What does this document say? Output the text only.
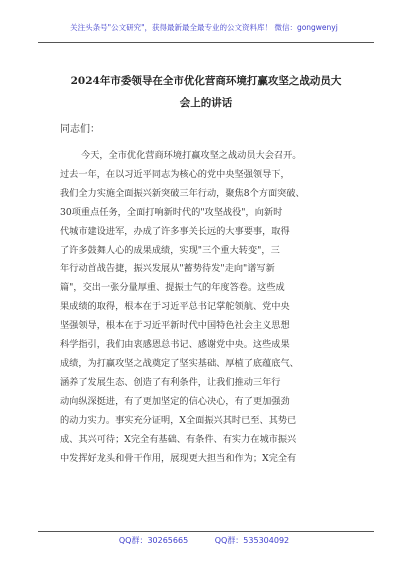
关注头条号"公文研究"，获得最新最全最专业的公文资料库！ 微信：gongwenyj
2024年市委领导在全市优化营商环境打赢攻坚之战动员大
会上的讲话
同志们：
今天，全市优化营商环境打赢攻坚之战动员大会召开。
过去一年，在以习近平同志为核心的党中央坚强领导下，
我们全力实施全面振兴新突破三年行动，聚焦8个方面突破、
30项重点任务，全面打响新时代的"攻坚战役"，向新时
代城市建设进军，办成了许多事关长远的大事要事，取得
了许多鼓舞人心的成果成绩，实现"三个重大转变"，三
年行动首战告捷，振兴发展从"蓄势待发"走向"谱写新
篇"，交出一张分量厚重、提振士气的年度答卷。这些成
果成绩的取得，根本在于习近平总书记掌舵领航、党中央
坚强领导，根本在于习近平新时代中国特色社会主义思想
科学指引，我们由衷感恩总书记、感谢党中央。这些成果
成绩，为打赢攻坚之战奠定了坚实基础、厚植了底蕴底气、
涵养了发展生态、创造了有利条件，让我们推动三年行
动向纵深挺进，有了更加坚定的信心决心，有了更加强劲
的动力实力。事实充分证明，X全面振兴其时已至、其势已
成、其兴可待；X完全有基础、有条件、有实力在城市振兴
中发挥好龙头和骨干作用，展现更大担当和作为；X完全有
QQ群：30265665	QQ群：535304092
